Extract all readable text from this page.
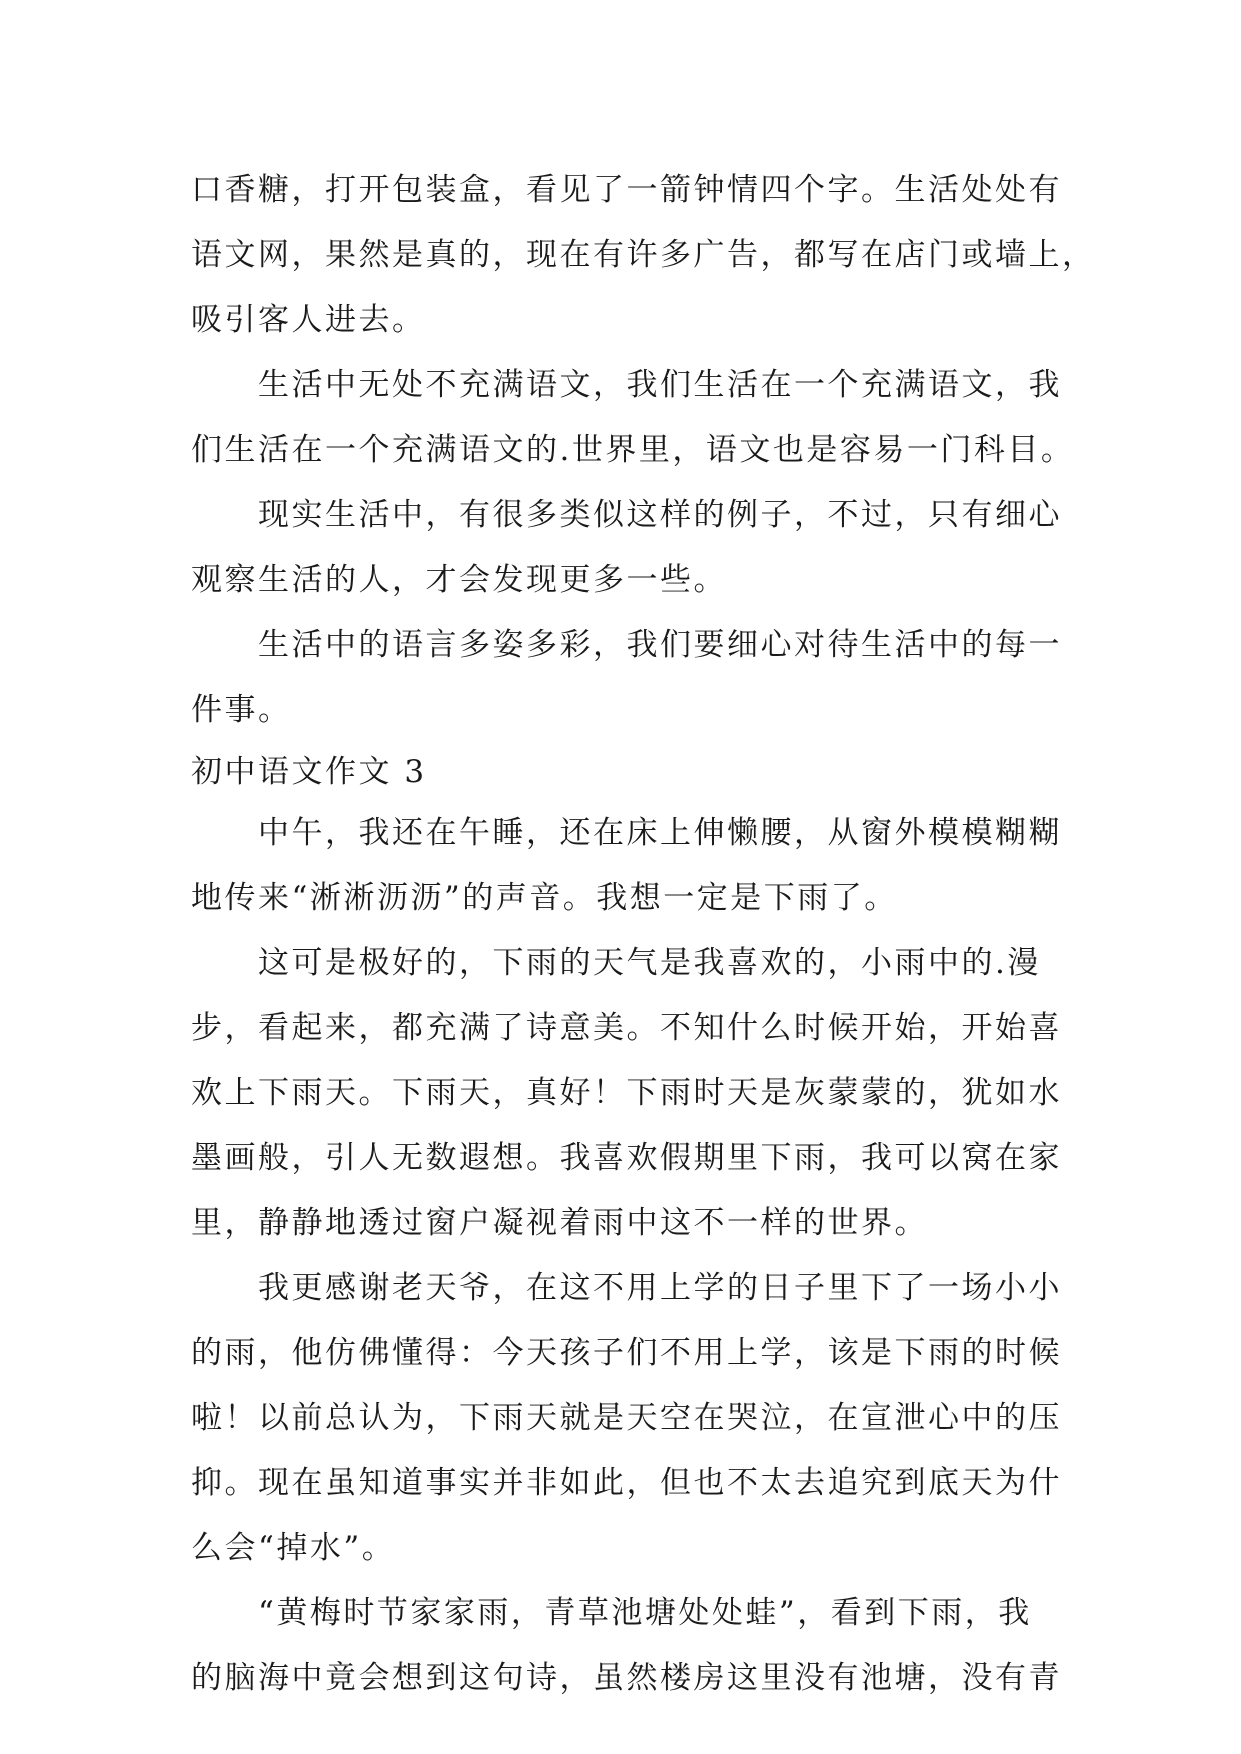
口香糖，打开包装盒，看见了一箭钟情四个字。生活处处有
语文网，果然是真的，现在有许多广告，都写在店门或墙上，
吸引客人进去。
生活中无处不充满语文，我们生活在一个充满语文，我
们生活在一个充满语文的.世界里，语文也是容易一门科目。
现实生活中，有很多类似这样的例子，不过，只有细心
观察生活的人，才会发现更多一些。
生活中的语言多姿多彩，我们要细心对待生活中的每一
件事。
初中语文作文 3
中午，我还在午睡，还在床上伸懒腰，从窗外模模糊糊
地传来“淅淅沥沥”的声音。我想一定是下雨了。
这可是极好的，下雨的天气是我喜欢的，小雨中的.漫
步，看起来，都充满了诗意美。不知什么时候开始，开始喜
欢上下雨天。下雨天，真好！下雨时天是灰蒙蒙的，犹如水
墨画般，引人无数遐想。我喜欢假期里下雨，我可以窝在家
里，静静地透过窗户凝视着雨中这不一样的世界。
我更感谢老天爷，在这不用上学的日子里下了一场小小
的雨，他仿佛懂得：今天孩子们不用上学，该是下雨的时候
啦！以前总认为，下雨天就是天空在哭泣，在宣泄心中的压
抑。现在虽知道事实并非如此，但也不太去追究到底天为什
么会“掉水”。
“黄梅时节家家雨，青草池塘处处蛙”，看到下雨，我
的脑海中竟会想到这句诗，虽然楼房这里没有池塘，没有青
